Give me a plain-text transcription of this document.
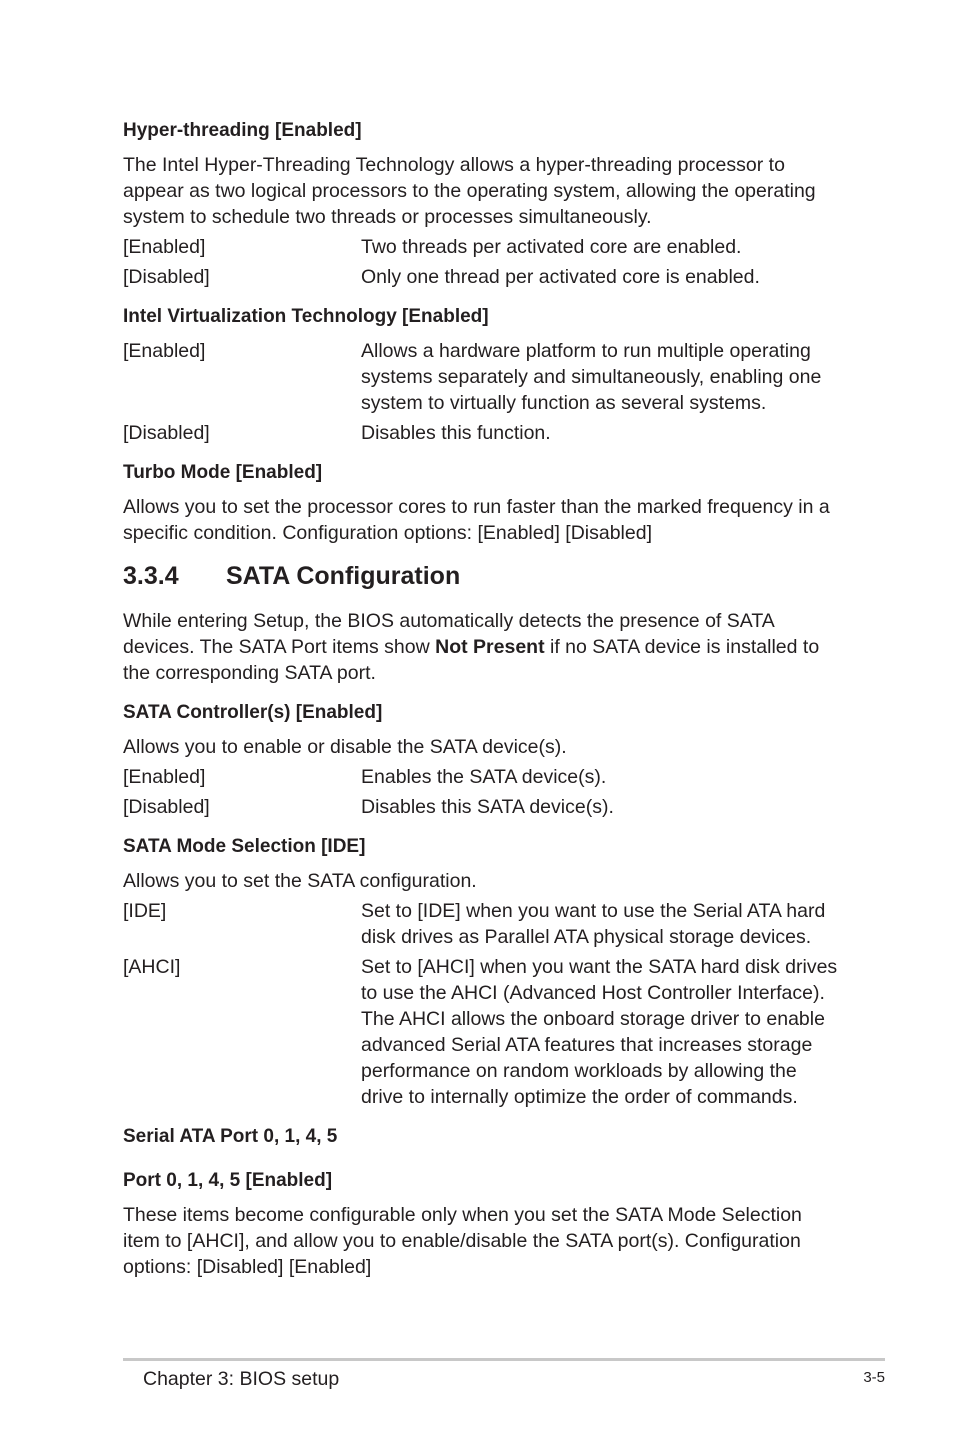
Hyper-threading [Enabled]
The Intel Hyper-Threading Technology allows a hyper-threading processor to appear as two logical processors to the operating system, allowing the operating system to schedule two threads or processes simultaneously.
[Enabled]	Two threads per activated core are enabled.
[Disabled]	Only one thread per activated core is enabled.
Intel Virtualization Technology [Enabled]
[Enabled]	Allows a hardware platform to run multiple operating systems separately and simultaneously, enabling one system to virtually function as several systems.
[Disabled]	Disables this function.
Turbo Mode [Enabled]
Allows you to set the processor cores to run faster than the marked frequency in a specific condition. Configuration options: [Enabled] [Disabled]
3.3.4	SATA Configuration
While entering Setup, the BIOS automatically detects the presence of SATA devices. The SATA Port items show Not Present if no SATA device is installed to the corresponding SATA port.
SATA Controller(s) [Enabled]
Allows you to enable or disable the SATA device(s).
[Enabled]	Enables the SATA device(s).
[Disabled]	Disables this SATA device(s).
SATA Mode Selection [IDE]
Allows you to set the SATA configuration.
[IDE]	Set to [IDE] when you want to use the Serial ATA hard disk drives as Parallel ATA physical storage devices.
[AHCI]	Set to [AHCI] when you want the SATA hard disk drives to use the AHCI (Advanced Host Controller Interface). The AHCI allows the onboard storage driver to enable advanced Serial ATA features that increases storage performance on random workloads by allowing the drive to internally optimize the order of commands.
Serial ATA Port 0, 1, 4, 5
Port 0, 1, 4, 5 [Enabled]
These items become configurable only when you set the SATA Mode Selection item to [AHCI], and allow you to enable/disable the SATA port(s). Configuration options: [Disabled] [Enabled]
Chapter 3: BIOS setup	3-5
